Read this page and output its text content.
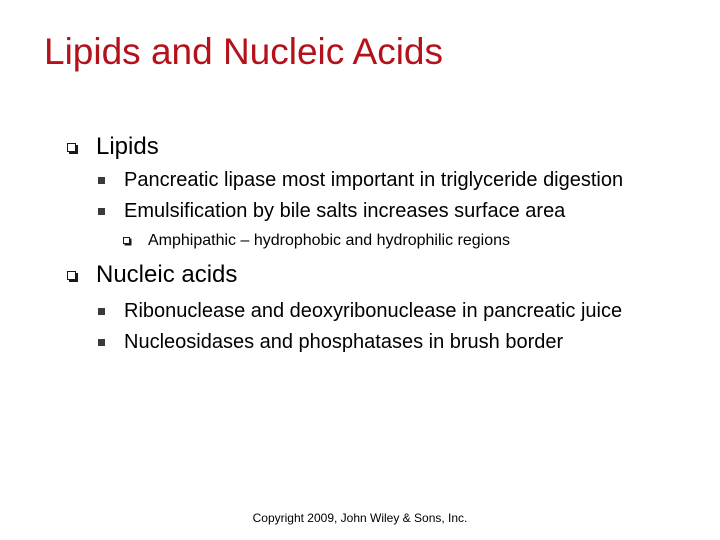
Lipids and Nucleic Acids
Lipids
Pancreatic lipase most important in triglyceride digestion
Emulsification by bile salts increases surface area
Amphipathic – hydrophobic and hydrophilic regions
Nucleic acids
Ribonuclease and deoxyribonuclease in pancreatic juice
Nucleosidases and phosphatases in brush border
Copyright 2009, John Wiley & Sons, Inc.
